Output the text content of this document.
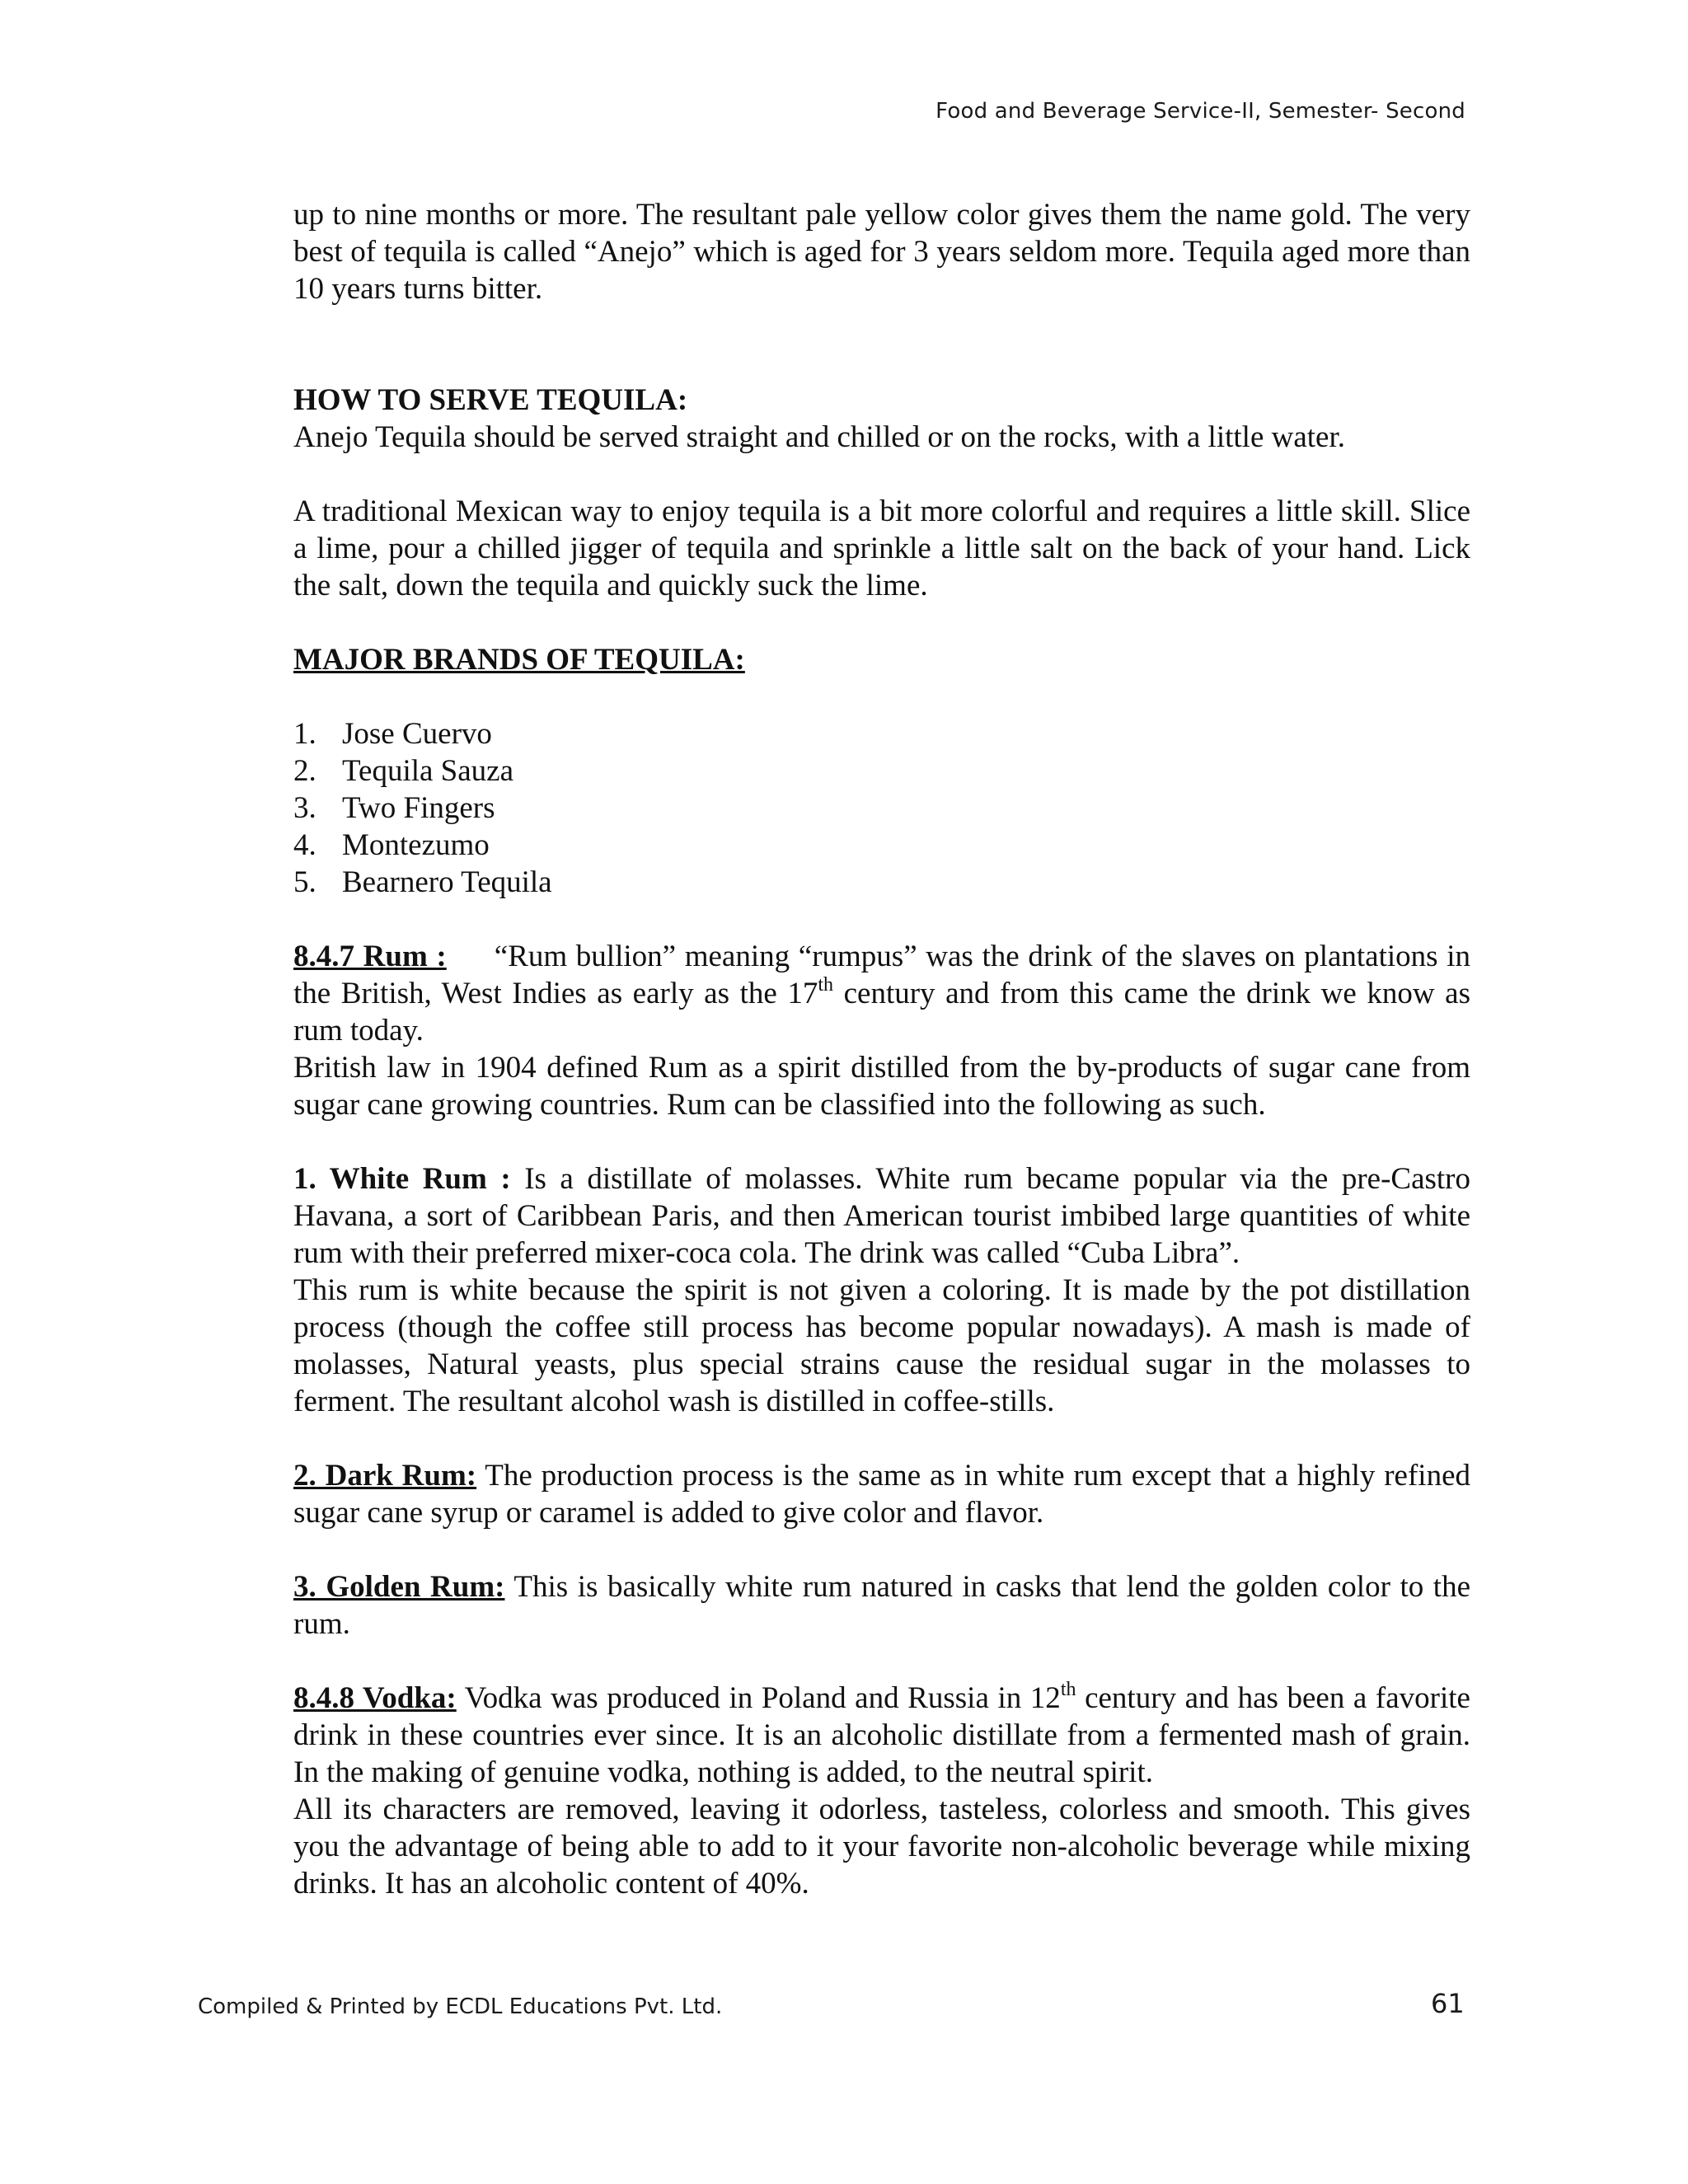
Food and Beverage Service-II, Semester- Second

up to nine months or more. The resultant pale yellow color gives them the name gold. The very best of tequila is called “Anejo” which is aged for 3 years seldom more. Tequila aged more than 10 years turns bitter.

HOW TO SERVE TEQUILA:

Anejo Tequila should be served straight and chilled or on the rocks, with a little water.

A traditional Mexican way to enjoy tequila is a bit more colorful and requires a little skill. Slice a lime, pour a chilled jigger of tequila and sprinkle a little salt on the back of your hand. Lick the salt, down the tequila and quickly suck the lime.

MAJOR BRANDS OF TEQUILA:

1. Jose Cuervo
2. Tequila Sauza
3. Two Fingers
4. Montezumo
5. Bearnero Tequila

8.4.7 Rum : “Rum bullion” meaning “rumpus” was the drink of the slaves on plantations in the British, West Indies as early as the 17th century and from this came the drink we know as rum today.

British law in 1904 defined Rum as a spirit distilled from the by-products of sugar cane from sugar cane growing countries. Rum can be classified into the following as such.

1. White Rum : Is a distillate of molasses. White rum became popular via the pre-Castro Havana, a sort of Caribbean Paris, and then American tourist imbibed large quantities of white rum with their preferred mixer-coca cola. The drink was called “Cuba Libra”.

This rum is white because the spirit is not given a coloring. It is made by the pot distillation process (though the coffee still process has become popular nowadays). A mash is made of molasses, Natural yeasts, plus special strains cause the residual sugar in the molasses to ferment. The resultant alcohol wash is distilled in coffee-stills.

2. Dark Rum: The production process is the same as in white rum except that a highly refined sugar cane syrup or caramel is added to give color and flavor.

3. Golden Rum: This is basically white rum natured in casks that lend the golden color to the rum.

8.4.8 Vodka: Vodka was produced in Poland and Russia in 12th century and has been a favorite drink in these countries ever since. It is an alcoholic distillate from a fermented mash of grain. In the making of genuine vodka, nothing is added, to the neutral spirit.

All its characters are removed, leaving it odorless, tasteless, colorless and smooth. This gives you the advantage of being able to add to it your favorite non-alcoholic beverage while mixing drinks. It has an alcoholic content of 40%.

Compiled & Printed by ECDL Educations Pvt. Ltd.	61
